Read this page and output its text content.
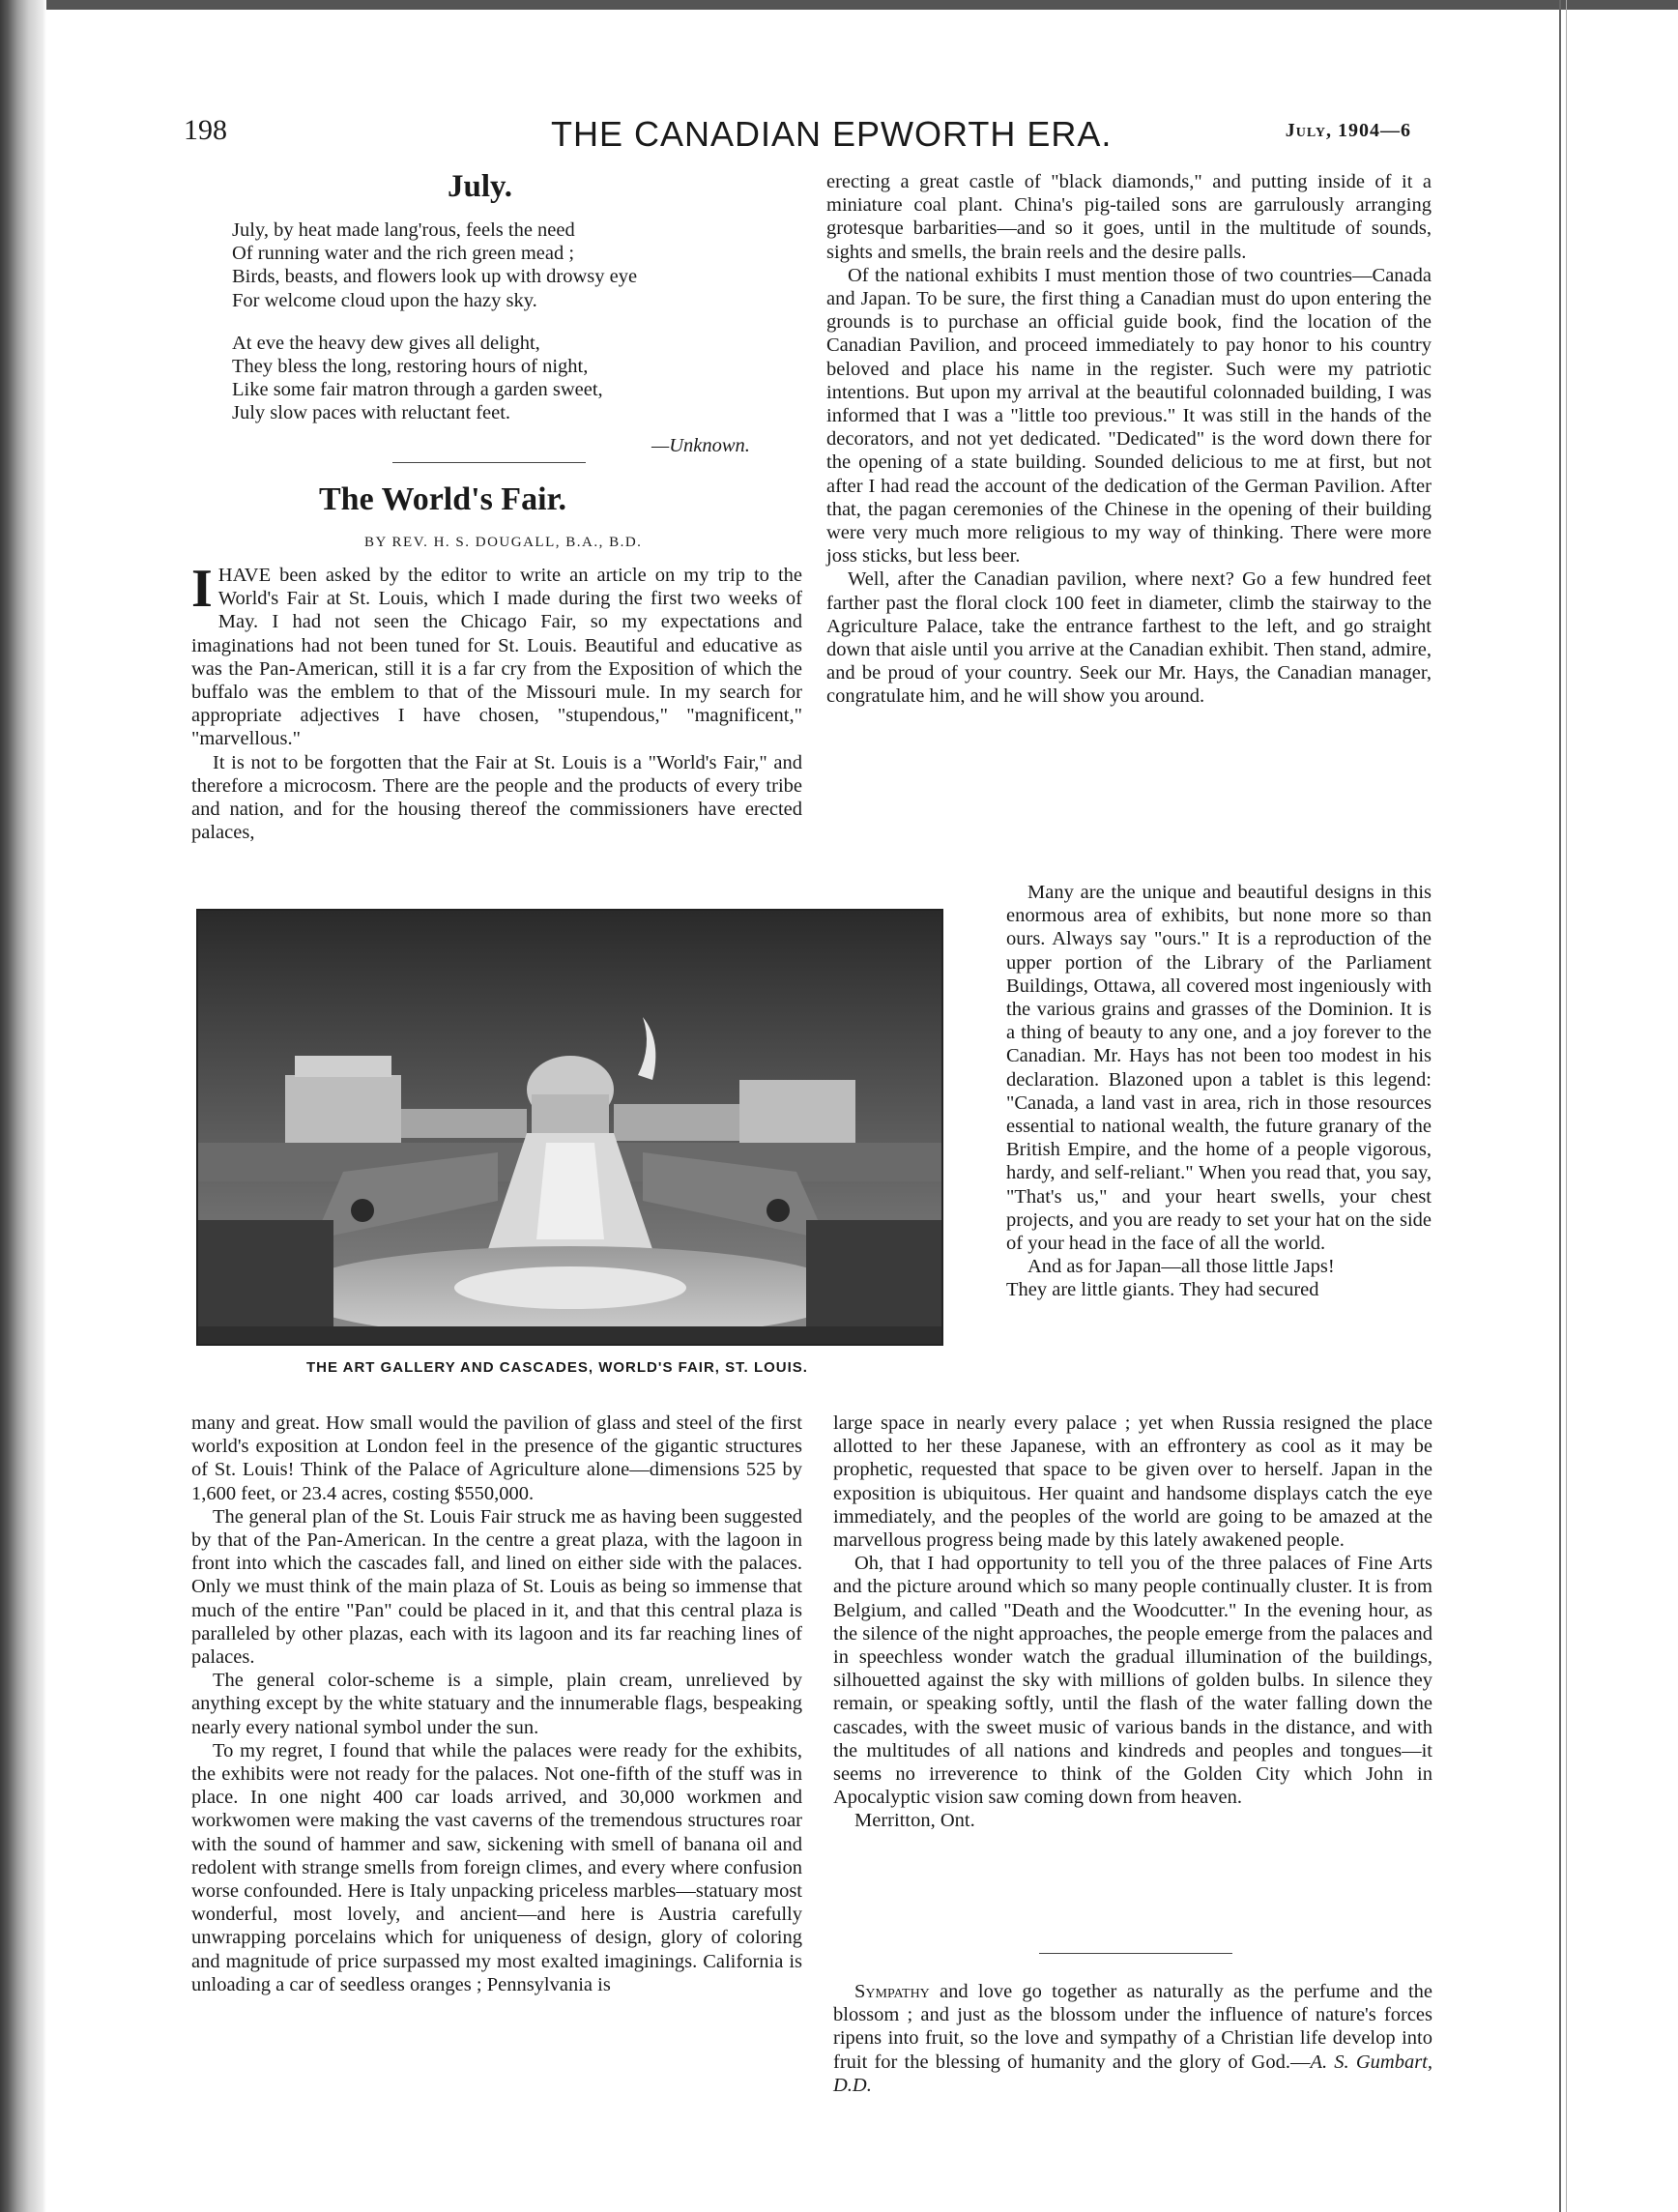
198	THE CANADIAN EPWORTH ERA.	July, 1904—6
July.
July, by heat made lang'rous, feels the need
Of running water and the rich green mead ;
Birds, beasts, and flowers look up with drowsy eye
For welcome cloud upon the hazy sky.
At eve the heavy dew gives all delight,
They bless the long, restoring hours of night,
Like some fair matron through a garden sweet,
July slow paces with reluctant feet.
—Unknown.
The World's Fair.
BY REV. H. S. DOUGALL, B.A., B.D.

IHAVE been asked by the editor to write an article on my trip to the World's Fair at St. Louis, which I made during the first two weeks of May. I had not seen the Chicago Fair, so my expectations and imaginations had not been tuned for St. Louis. Beautiful and educative as was the Pan-American, still it is a far cry from the Exposition of which the buffalo was the emblem to that of the Missouri mule. In my search for appropriate adjectives I have chosen, "stupendous," "magnificent," "marvellous."

It is not to be forgotten that the Fair at St. Louis is a "World's Fair," and therefore a microcosm. There are the people and the products of every tribe and nation, and for the housing thereof the commissioners have erected palaces,

THE ART GALLERY AND CASCADES, WORLD'S FAIR, ST. LOUIS.

many and great. How small would the pavilion of glass and steel of the first world's exposition at London feel in the presence of the gigantic structures of St. Louis! Think of the Palace of Agriculture alone—dimensions 525 by 1,600 feet, or 23.4 acres, costing $550,000.

The general plan of the St. Louis Fair struck me as having been suggested by that of the Pan-American. In the centre a great plaza, with the lagoon in front into which the cascades fall, and lined on either side with the palaces. Only we must think of the main plaza of St. Louis as being so immense that much of the entire "Pan" could be placed in it, and that this central plaza is paralleled by other plazas, each with its lagoon and its far reaching lines of palaces.

The general color-scheme is a simple, plain cream, unrelieved by anything except by the white statuary and the innumerable flags, bespeaking nearly every national symbol under the sun.

To my regret, I found that while the palaces were ready for the exhibits, the exhibits were not ready for the palaces. Not one-fifth of the stuff was in place. In one night 400 car loads arrived, and 30,000 workmen and workwomen were making the vast caverns of the tremendous structures roar with the sound of hammer and saw, sickening with smell of banana oil and redolent with strange smells from foreign climes, and every where confusion worse confounded. Here is Italy unpacking priceless marbles—statuary most wonderful, most lovely, and ancient—and here is Austria carefully unwrapping porcelains which for uniqueness of design, glory of coloring and magnitude of price surpassed my most exalted imaginings. California is unloading a car of seedless oranges ; Pennsylvania is

erecting a great castle of "black diamonds," and putting inside of it a miniature coal plant. China's pig-tailed sons are garrulously arranging grotesque barbarities—and so it goes, until in the multitude of sounds, sights and smells, the brain reels and the desire palls.

Of the national exhibits I must mention those of two countries—Canada and Japan. To be sure, the first thing a Canadian must do upon entering the grounds is to purchase an official guide book, find the location of the Canadian Pavilion, and proceed immediately to pay honor to his country beloved and place his name in the register. Such were my patriotic intentions. But upon my arrival at the beautiful colonnaded building, I was informed that I was a "little too previous." It was still in the hands of the decorators, and not yet dedicated. "Dedicated" is the word down there for the opening of a state building. Sounded delicious to me at first, but not after I had read the account of the dedication of the German Pavilion. After that, the pagan ceremonies of the Chinese in the opening of their building were very much more religious to my way of thinking. There were more joss sticks, but less beer.

Well, after the Canadian pavilion, where next? Go a few hundred feet farther past the floral clock 100 feet in diameter, climb the stairway to the Agriculture Palace, take the entrance farthest to the left, and go straight down that aisle until you arrive at the Canadian exhibit. Then stand, admire, and be proud of your country. Seek our Mr. Hays, the Canadian manager, congratulate him, and he will show you around.

Many are the unique and beautiful designs in this enormous area of exhibits, but none more so than ours. Always say "ours." It is a reproduction of the upper portion of the Library of the Parliament Buildings, Ottawa, all covered most ingeniously with the various grains and grasses of the Dominion. It is a thing of beauty to any one, and a joy forever to the Canadian. Mr. Hays has not been too modest in his declaration. Blazoned upon a tablet is this legend: "Canada, a land vast in area, rich in those resources essential to national wealth, the future granary of the British Empire, and the home of a people vigorous, hardy, and self-reliant." When you read that, you say, "That's us," and your heart swells, your chest projects, and you are ready to set your hat on the side of your head in the face of all the world.

And as for Japan—all those little Japs!

They are little giants. They had secured

large space in nearly every palace ; yet when Russia resigned the place allotted to her these Japanese, with an effrontery as cool as it may be prophetic, requested that space to be given over to herself. Japan in the exposition is ubiquitous. Her quaint and handsome displays catch the eye immediately, and the peoples of the world are going to be amazed at the marvellous progress being made by this lately awakened people.

Oh, that I had opportunity to tell you of the three palaces of Fine Arts and the picture around which so many people continually cluster. It is from Belgium, and called "Death and the Woodcutter." In the evening hour, as the silence of the night approaches, the people emerge from the palaces and in speechless wonder watch the gradual illumination of the buildings, silhouetted against the sky with millions of golden bulbs. In silence they remain, or speaking softly, until the flash of the water falling down the cascades, with the sweet music of various bands in the distance, and with the multitudes of all nations and kindreds and peoples and tongues—it seems no irreverence to think of the Golden City which John in Apocalyptic vision saw coming down from heaven.

Merritton, Ont.

Sympathy and love go together as naturally as the perfume and the blossom ; and just as the blossom under the influence of nature's forces ripens into fruit, so the love and sympathy of a Christian life develop into fruit for the blessing of humanity and the glory of God.—A. S. Gumbart, D.D.
